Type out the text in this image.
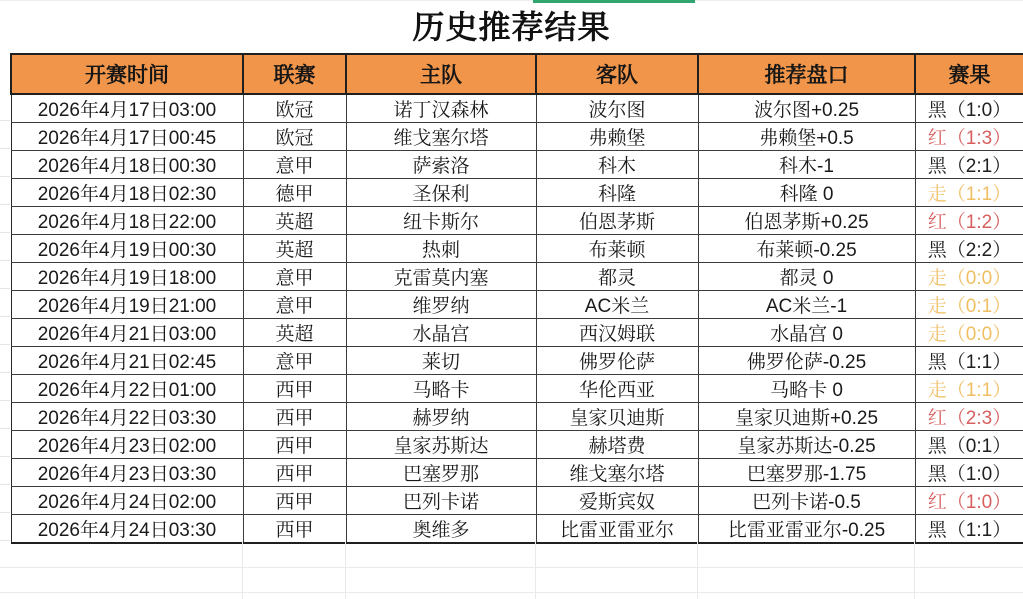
历史推荐结果
开赛时间	联赛	主队	客队	推荐盘口	赛果
2026年4月17日03:00	欧冠	诺丁汉森林	波尔图	波尔图+0.25	黑（1:0）
2026年4月17日00:45	欧冠	维戈塞尔塔	弗赖堡	弗赖堡+0.5	红（1:3）
2026年4月18日00:30	意甲	萨索洛	科木	科木-1	黑（2:1）
2026年4月18日02:30	德甲	圣保利	科隆	科隆 0	走（1:1）
2026年4月18日22:00	英超	纽卡斯尔	伯恩茅斯	伯恩茅斯+0.25	红（1:2）
2026年4月19日00:30	英超	热刺	布莱顿	布莱顿-0.25	黑（2:2）
2026年4月19日18:00	意甲	克雷莫内塞	都灵	都灵 0	走（0:0）
2026年4月19日21:00	意甲	维罗纳	AC米兰	AC米兰-1	走（0:1）
2026年4月21日03:00	英超	水晶宫	西汉姆联	水晶宫 0	走（0:0）
2026年4月21日02:45	意甲	莱切	佛罗伦萨	佛罗伦萨-0.25	黑（1:1）
2026年4月22日01:00	西甲	马略卡	华伦西亚	马略卡 0	走（1:1）
2026年4月22日03:30	西甲	赫罗纳	皇家贝迪斯	皇家贝迪斯+0.25	红（2:3）
2026年4月23日02:00	西甲	皇家苏斯达	赫塔费	皇家苏斯达-0.25	黑（0:1）
2026年4月23日03:30	西甲	巴塞罗那	维戈塞尔塔	巴塞罗那-1.75	黑（1:0）
2026年4月24日02:00	西甲	巴列卡诺	爱斯宾奴	巴列卡诺-0.5	红（1:0）
2026年4月24日03:30	西甲	奥维多	比雷亚雷亚尔	比雷亚雷亚尔-0.25	黑（1:1）
